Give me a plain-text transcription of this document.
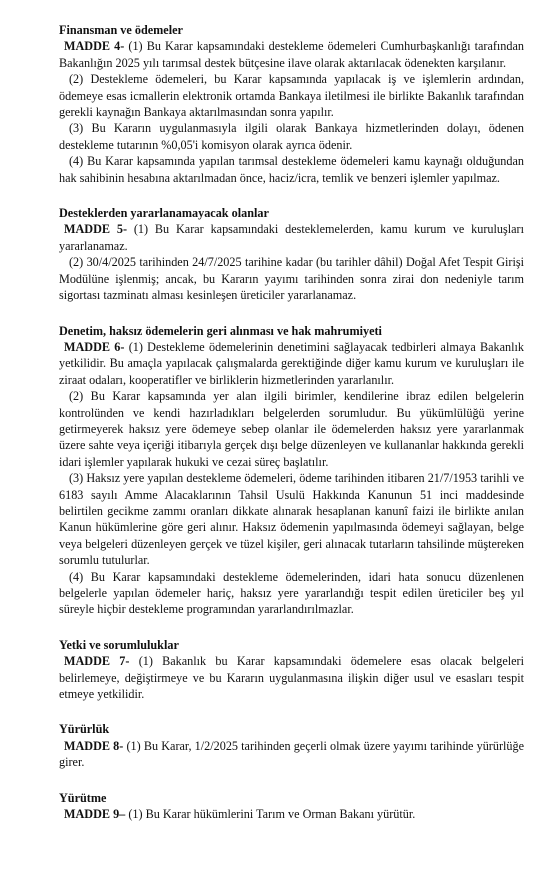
Finansman ve ödemeler

MADDE 4- (1) Bu Karar kapsamındaki destekleme ödemeleri Cumhurbaşkanlığı tarafından Bakanlığın 2025 yılı tarımsal destek bütçesine ilave olarak aktarılacak ödenekten karşılanır.

(2) Destekleme ödemeleri, bu Karar kapsamında yapılacak iş ve işlemlerin ardından, ödemeye esas icmallerin elektronik ortamda Bankaya iletilmesi ile birlikte Bakanlık tarafından gerekli kaynağın Bankaya aktarılmasından sonra yapılır.

(3) Bu Kararın uygulanmasıyla ilgili olarak Bankaya hizmetlerinden dolayı, ödenen destekleme tutarının %0,05'i komisyon olarak ayrıca ödenir.

(4) Bu Karar kapsamında yapılan tarımsal destekleme ödemeleri kamu kaynağı olduğundan hak sahibinin hesabına aktarılmadan önce, haciz/icra, temlik ve benzeri işlemler yapılmaz.

Desteklerden yararlanamayacak olanlar

MADDE 5- (1) Bu Karar kapsamındaki desteklemelerden, kamu kurum ve kuruluşları yararlanamaz.

(2) 30/4/2025 tarihinden 24/7/2025 tarihine kadar (bu tarihler dâhil) Doğal Afet Tespit Girişi Modülüne işlenmiş; ancak, bu Kararın yayımı tarihinden sonra zirai don nedeniyle tarım sigortası tazminatı alması kesinleşen üreticiler yararlanamaz.

Denetim, haksız ödemelerin geri alınması ve hak mahrumiyeti

MADDE 6- (1) Destekleme ödemelerinin denetimini sağlayacak tedbirleri almaya Bakanlık yetkilidir. Bu amaçla yapılacak çalışmalarda gerektiğinde diğer kamu kurum ve kuruluşları ile ziraat odaları, kooperatifler ve birliklerin hizmetlerinden yararlanılır.

(2) Bu Karar kapsamında yer alan ilgili birimler, kendilerine ibraz edilen belgelerin kontrolünden ve kendi hazırladıkları belgelerden sorumludur. Bu yükümlülüğü yerine getirmeyerek haksız yere ödemeye sebep olanlar ile ödemelerden haksız yere yararlanmak üzere sahte veya içeriği itibarıyla gerçek dışı belge düzenleyen ve kullananlar hakkında gerekli idari işlemler yapılarak hukuki ve cezai süreç başlatılır.

(3) Haksız yere yapılan destekleme ödemeleri, ödeme tarihinden itibaren 21/7/1953 tarihli ve 6183 sayılı Amme Alacaklarının Tahsil Usulü Hakkında Kanunun 51 inci maddesinde belirtilen gecikme zammı oranları dikkate alınarak hesaplanan kanunî faizi ile birlikte anılan Kanun hükümlerine göre geri alınır. Haksız ödemenin yapılmasında ödemeyi sağlayan, belge veya belgeleri düzenleyen gerçek ve tüzel kişiler, geri alınacak tutarların tahsilinde müştereken sorumlu tutulurlar.

(4) Bu Karar kapsamındaki destekleme ödemelerinden, idari hata sonucu düzenlenen belgelerle yapılan ödemeler hariç, haksız yere yararlandığı tespit edilen üreticiler beş yıl süreyle hiçbir destekleme programından yararlandırılmazlar.

Yetki ve sorumluluklar

MADDE 7- (1) Bakanlık bu Karar kapsamındaki ödemelere esas olacak belgeleri belirlemeye, değiştirmeye ve bu Kararın uygulanmasına ilişkin diğer usul ve esasları tespit etmeye yetkilidir.

Yürürlük

MADDE 8- (1) Bu Karar, 1/2/2025 tarihinden geçerli olmak üzere yayımı tarihinde yürürlüğe girer.

Yürütme

MADDE 9– (1) Bu Karar hükümlerini Tarım ve Orman Bakanı yürütür.
